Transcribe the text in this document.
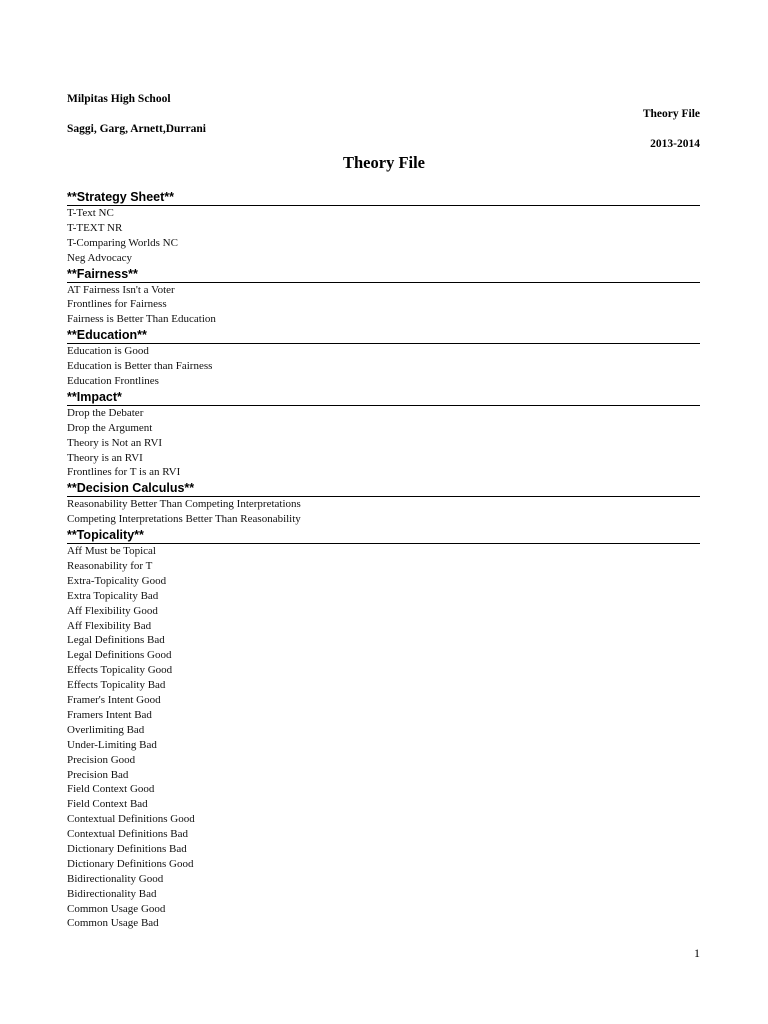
Milpitas High School
Theory File
Saggi, Garg, Arnett,Durrani
2013-2014
Theory File
**Strategy Sheet**
T-Text NC
T-TEXT NR
T-Comparing Worlds NC
Neg Advocacy
**Fairness**
AT Fairness Isn't a Voter
Frontlines for Fairness
Fairness is Better Than Education
**Education**
Education is Good
Education is Better than Fairness
Education Frontlines
**Impact*
Drop the Debater
Drop the Argument
Theory is Not an RVI
Theory is an RVI
Frontlines for T is an RVI
**Decision Calculus**
Reasonability Better Than Competing Interpretations
Competing Interpretations Better Than Reasonability
**Topicality**
Aff Must be Topical
Reasonability for T
Extra-Topicality Good
Extra Topicality Bad
Aff Flexibility Good
Aff Flexibility Bad
Legal Definitions Bad
Legal Definitions Good
Effects Topicality Good
Effects Topicality Bad
Framer's Intent Good
Framers Intent Bad
Overlimiting Bad
Under-Limiting Bad
Precision Good
Precision Bad
Field Context Good
Field Context Bad
Contextual Definitions Good
Contextual Definitions Bad
Dictionary Definitions Bad
Dictionary Definitions Good
Bidirectionality Good
Bidirectionality Bad
Common Usage Good
Common Usage Bad
1
